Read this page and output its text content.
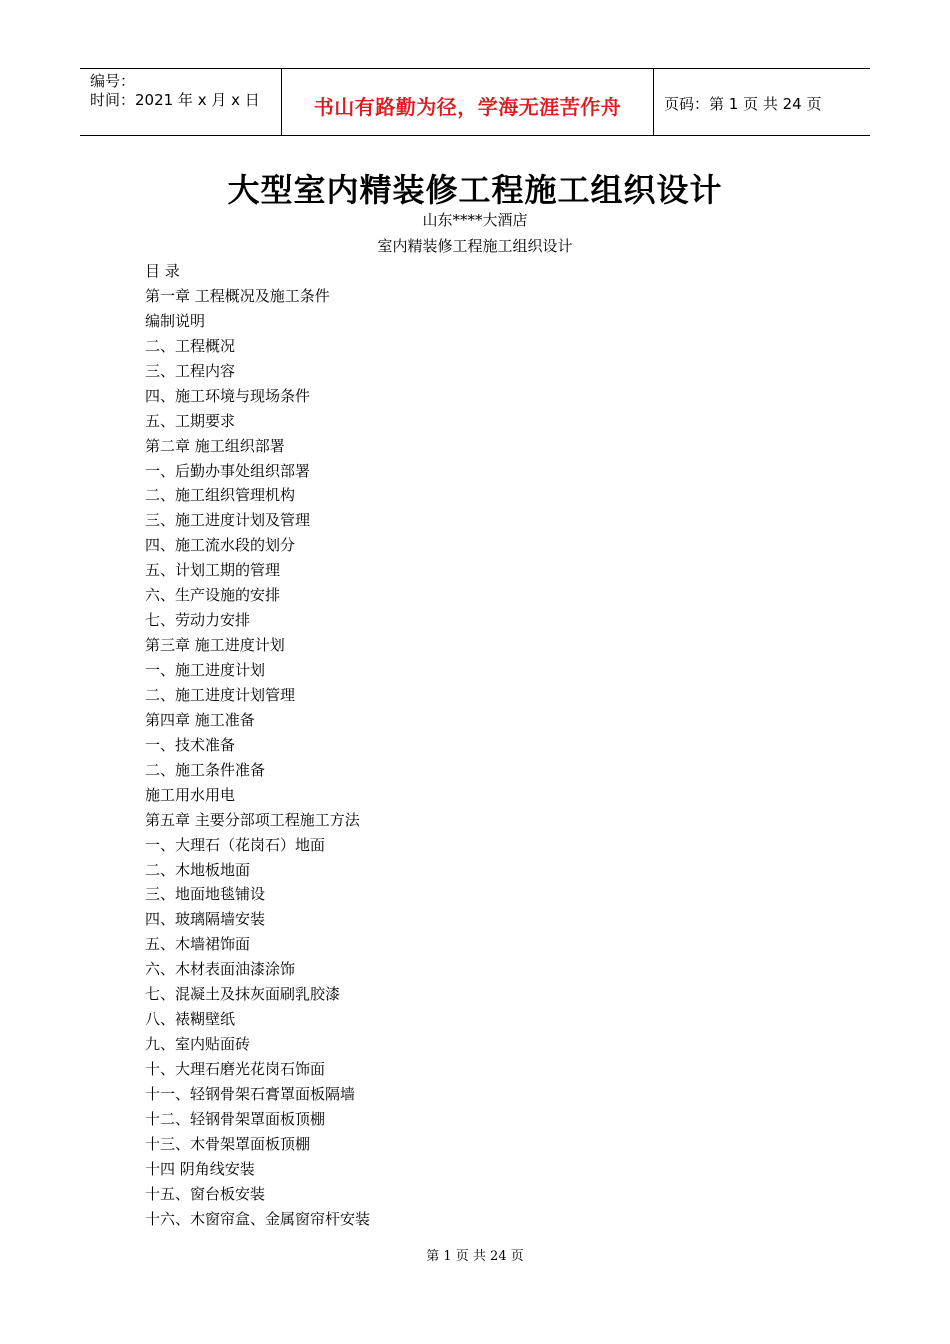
编号：
时间：2021 年 x 月 x 日	书山有路勤为径，学海无涯苦作舟	页码：第 1 页 共 24 页
大型室内精装修工程施工组织设计
山东****大酒店
室内精装修工程施工组织设计
目 录
第一章 工程概况及施工条件
编制说明
二、工程概况
三、工程内容
四、施工环境与现场条件
五、工期要求
第二章 施工组织部署
一、后勤办事处组织部署
二、施工组织管理机构
三、施工进度计划及管理
四、施工流水段的划分
五、计划工期的管理
六、生产设施的安排
七、劳动力安排
第三章 施工进度计划
一、施工进度计划
二、施工进度计划管理
第四章 施工准备
一、技术准备
二、施工条件准备
施工用水用电
第五章 主要分部项工程施工方法
一、大理石（花岗石）地面
二、木地板地面
三、地面地毯铺设
四、玻璃隔墙安装
五、木墙裙饰面
六、木材表面油漆涂饰
七、混凝土及抹灰面刷乳胶漆
八、裱糊壁纸
九、室内贴面砖
十、大理石磨光花岗石饰面
十一、轻钢骨架石膏罩面板隔墙
十二、轻钢骨架罩面板顶棚
十三、木骨架罩面板顶棚
十四 阴角线安装
十五、窗台板安装
十六、木窗帘盒、金属窗帘杆安装
第 1 页 共 24 页
